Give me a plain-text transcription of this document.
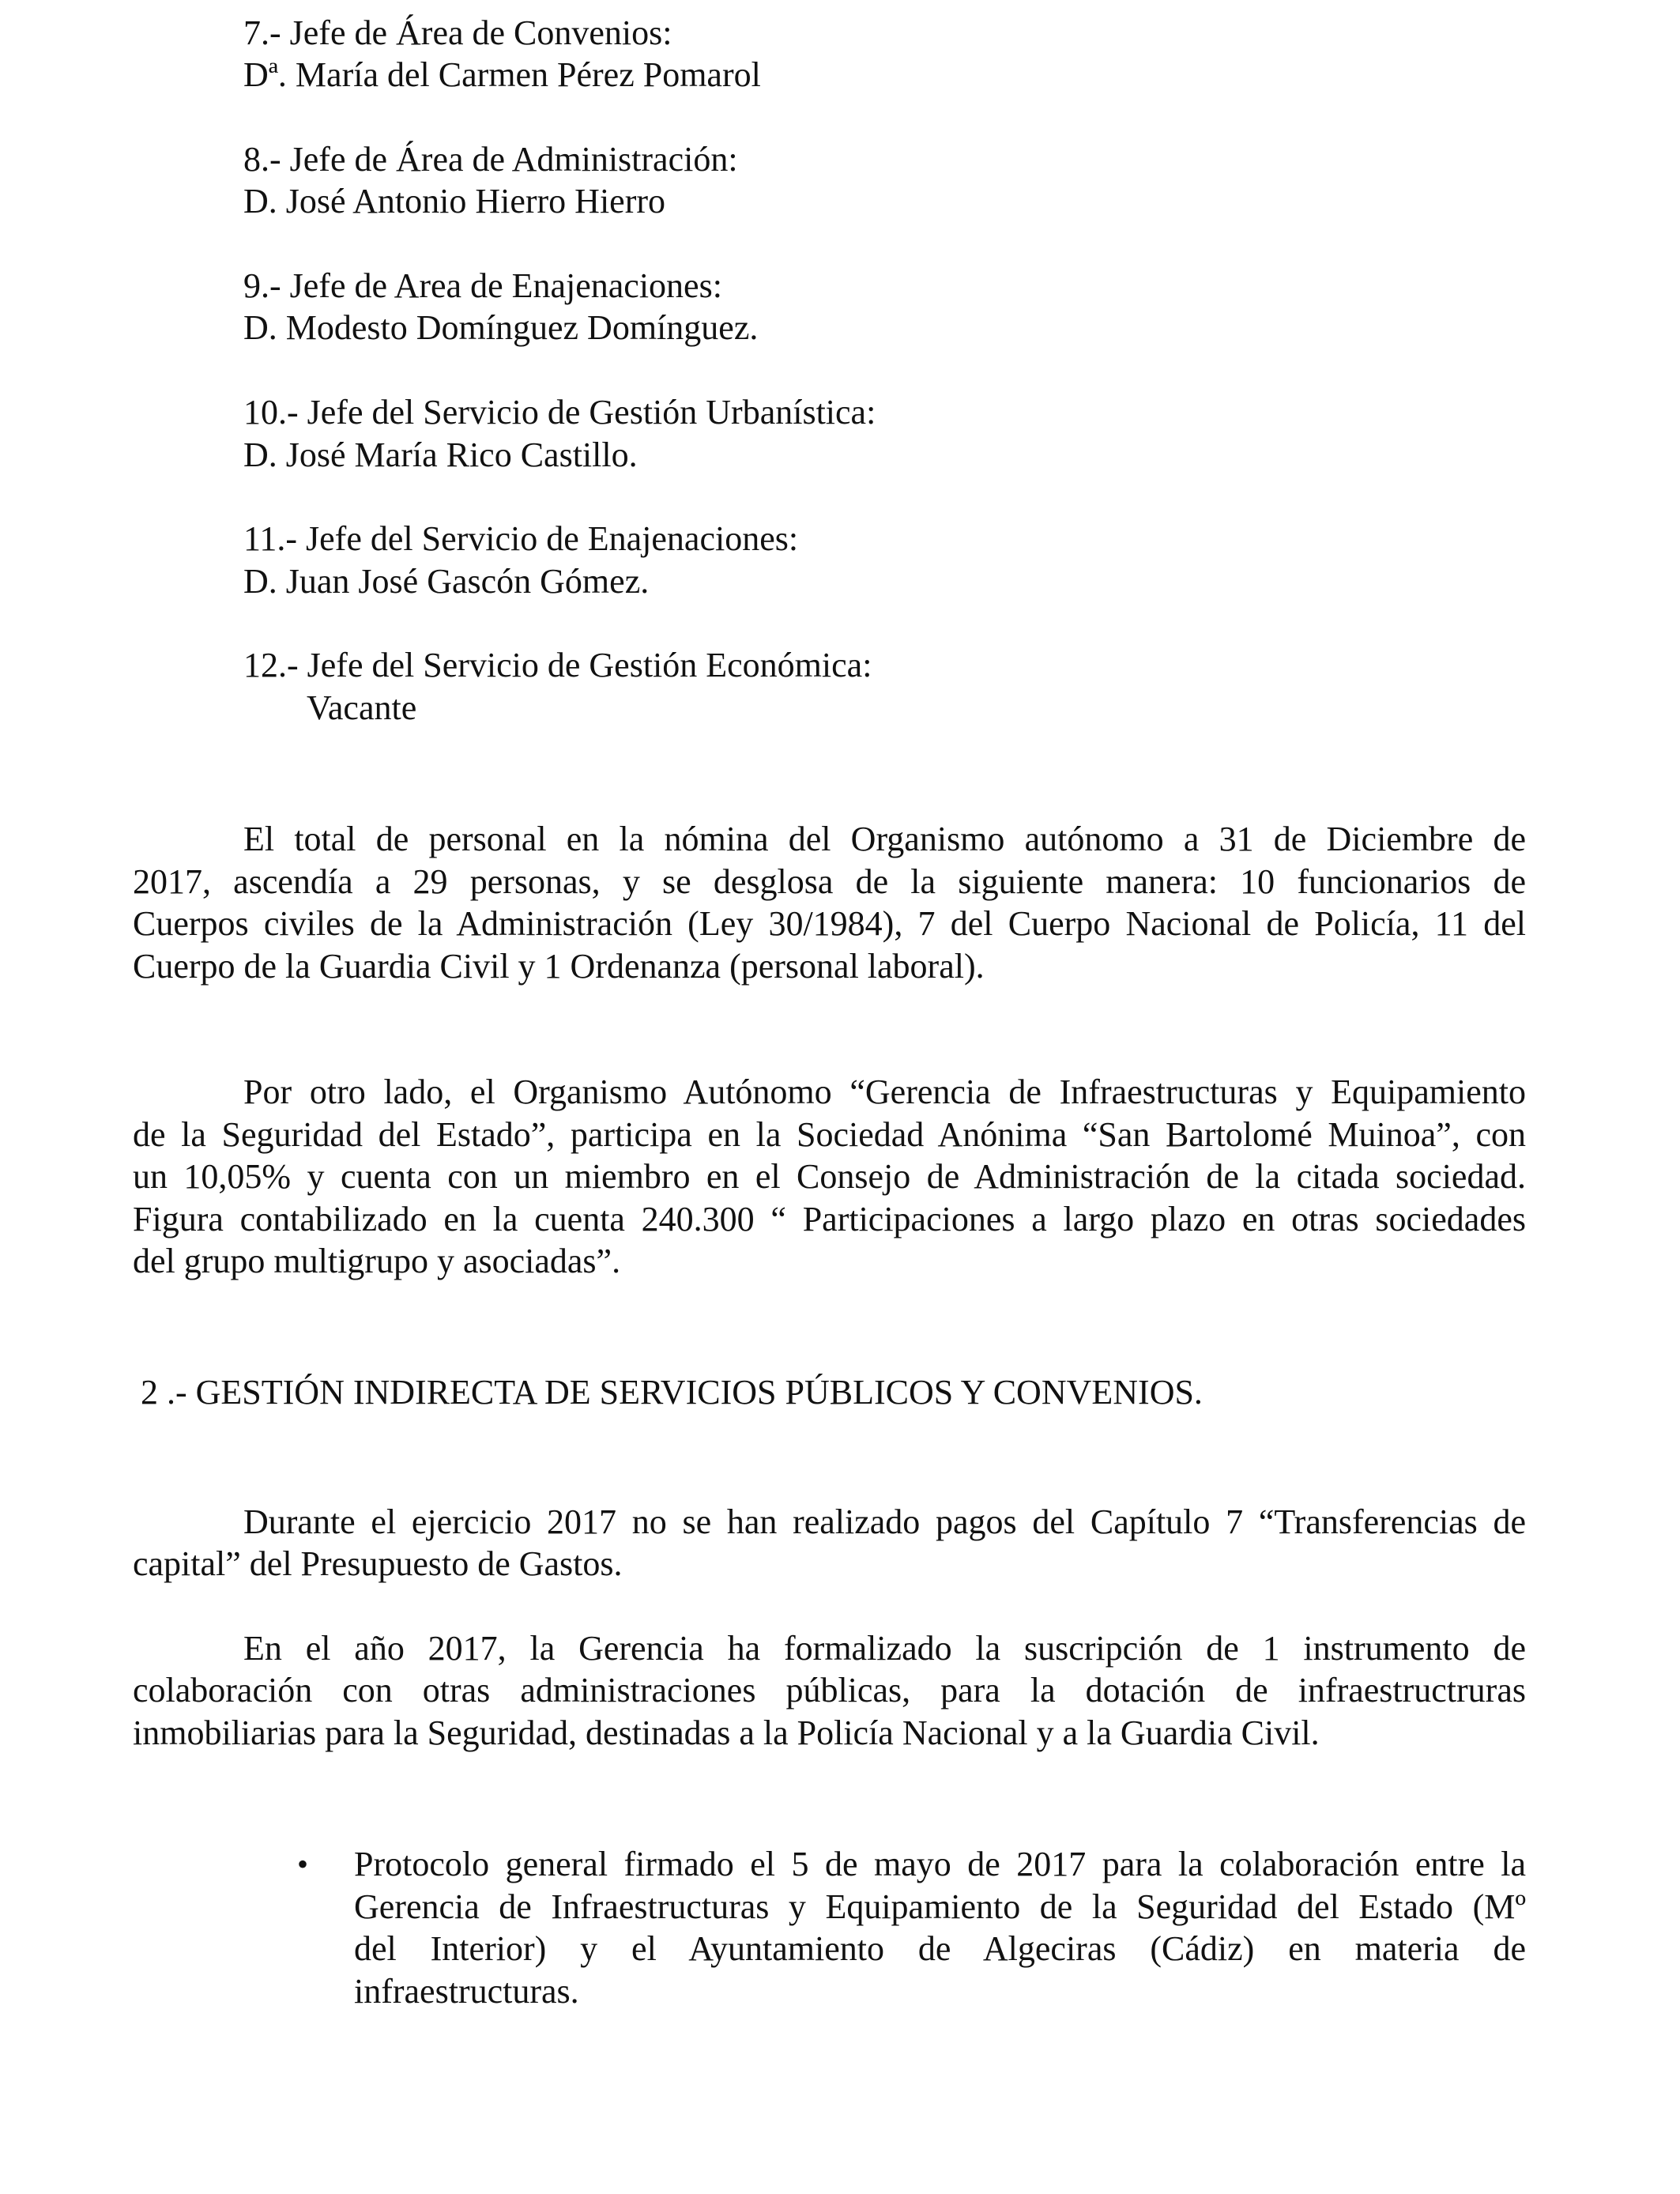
7.- Jefe de Área de Convenios:
Dª. María del Carmen Pérez Pomarol
8.- Jefe de Área de Administración:
D. José Antonio Hierro Hierro
9.- Jefe de Area de Enajenaciones:
D. Modesto Domínguez Domínguez.
10.- Jefe del Servicio de Gestión Urbanística:
D. José María Rico Castillo.
11.- Jefe del Servicio de Enajenaciones:
D. Juan José Gascón Gómez.
12.- Jefe del Servicio de Gestión Económica:
Vacante
El total de personal en la nómina del Organismo autónomo a 31 de Diciembre de
2017, ascendía a 29 personas, y se desglosa de la siguiente manera: 10 funcionarios de
Cuerpos civiles de la Administración (Ley 30/1984), 7 del Cuerpo Nacional de Policía, 11 del
Cuerpo de la Guardia Civil y 1 Ordenanza (personal laboral).
Por otro lado, el Organismo Autónomo “Gerencia de Infraestructuras y Equipamiento
de la Seguridad del Estado”, participa en la Sociedad Anónima “San Bartolomé Muinoa”, con
un 10,05% y cuenta con un miembro en el Consejo de Administración de la citada sociedad.
Figura contabilizado en la cuenta 240.300 “ Participaciones a largo plazo en otras sociedades
del grupo multigrupo y asociadas”.
2 .- GESTIÓN INDIRECTA DE SERVICIOS PÚBLICOS Y CONVENIOS.
Durante el ejercicio 2017 no se han realizado pagos del Capítulo 7 “Transferencias de
capital” del Presupuesto de Gastos.
En el año 2017, la Gerencia ha formalizado la suscripción de 1 instrumento de
colaboración con otras administraciones públicas, para la dotación de infraestructruras
inmobiliarias para la Seguridad, destinadas a la Policía Nacional y a la Guardia Civil.
• Protocolo general firmado el 5 de mayo de 2017 para la colaboración entre la
Gerencia de Infraestructuras y Equipamiento de la Seguridad del Estado (Mº
del Interior) y el Ayuntamiento de Algeciras (Cádiz) en materia de
infraestructuras.
